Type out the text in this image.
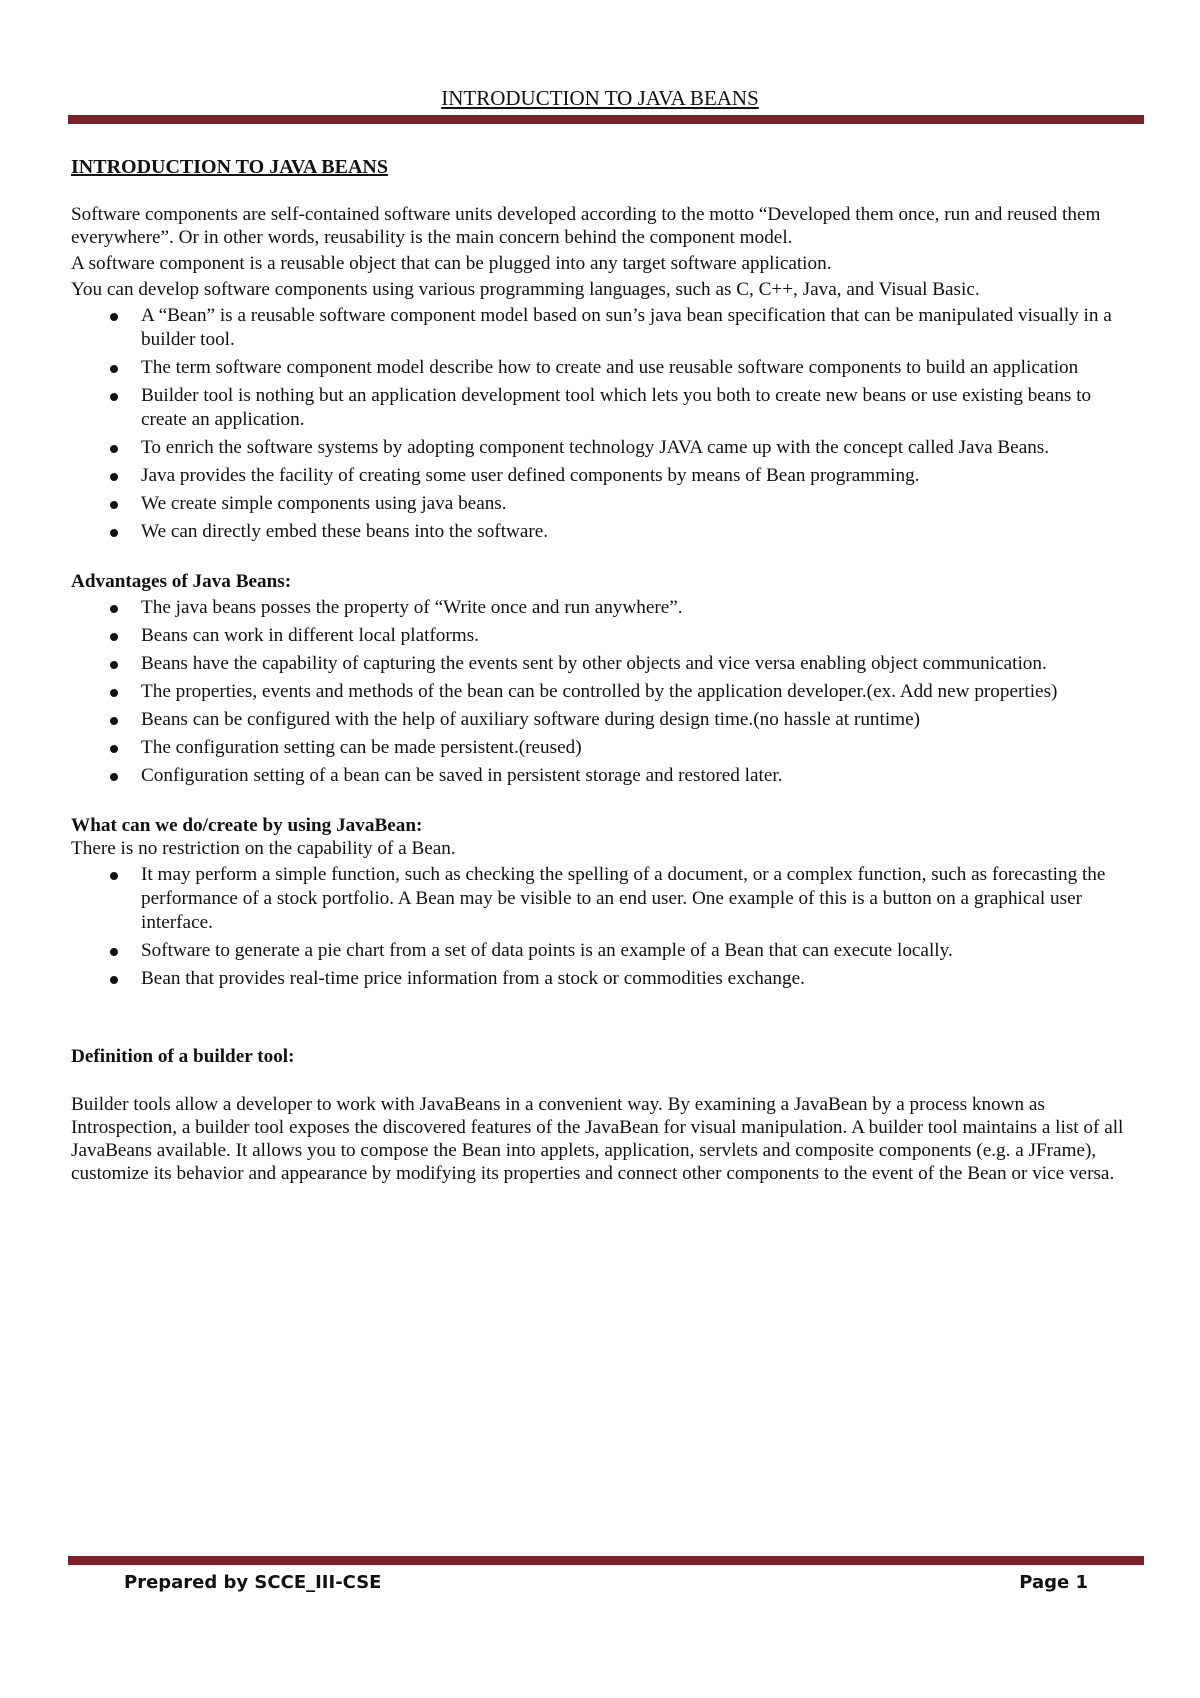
INTRODUCTION TO JAVA BEANS
INTRODUCTION TO JAVA BEANS

Software components are self-contained software units developed according to the motto “Developed them once, run and reused them everywhere”. Or in other words, reusability is the main concern behind the component model.

A software component is a reusable object that can be plugged into any target software application.

You can develop software components using various programming languages, such as C, C++, Java, and Visual Basic.

A “Bean” is a reusable software component model based on sun’s java bean specification that can be manipulated visually in a builder tool.
The term software component model describe how to create and use reusable software components to build an application
Builder tool is nothing but an application development tool which lets you both to create new beans or use existing beans to create an application.
To enrich the software systems by adopting component technology JAVA came up with the concept called Java Beans.
Java provides the facility of creating some user defined components by means of Bean programming.
We create simple components using java beans.
We can directly embed these beans into the software.

Advantages of Java Beans:

The java beans posses the property of “Write once and run anywhere”.
Beans can work in different local platforms.
Beans have the capability of capturing the events sent by other objects and vice versa enabling object communication.
The properties, events and methods of the bean can be controlled by the application developer.(ex. Add new properties)
Beans can be configured with the help of auxiliary software during design time.(no hassle at runtime)
The configuration setting can be made persistent.(reused)
Configuration setting of a bean can be saved in persistent storage and restored later.

What can we do/create by using JavaBean:

There is no restriction on the capability of a Bean.

It may perform a simple function, such as checking the spelling of a document, or a complex function, such as forecasting the performance of a stock portfolio. A Bean may be visible to an end user. One example of this is a button on a graphical user interface.
Software to generate a pie chart from a set of data points is an example of a Bean that can execute locally.
Bean that provides real-time price information from a stock or commodities exchange.

Definition of a builder tool:

Builder tools allow a developer to work with JavaBeans in a convenient way. By examining a JavaBean by a process known as Introspection, a builder tool exposes the discovered features of the JavaBean for visual manipulation. A builder tool maintains a list of all JavaBeans available. It allows you to compose the Bean into applets, application, servlets and composite components (e.g. a JFrame), customize its behavior and appearance by modifying its properties and connect other components to the event of the Bean or vice versa.

Prepared by SCCE_III-CSE	Page 1
